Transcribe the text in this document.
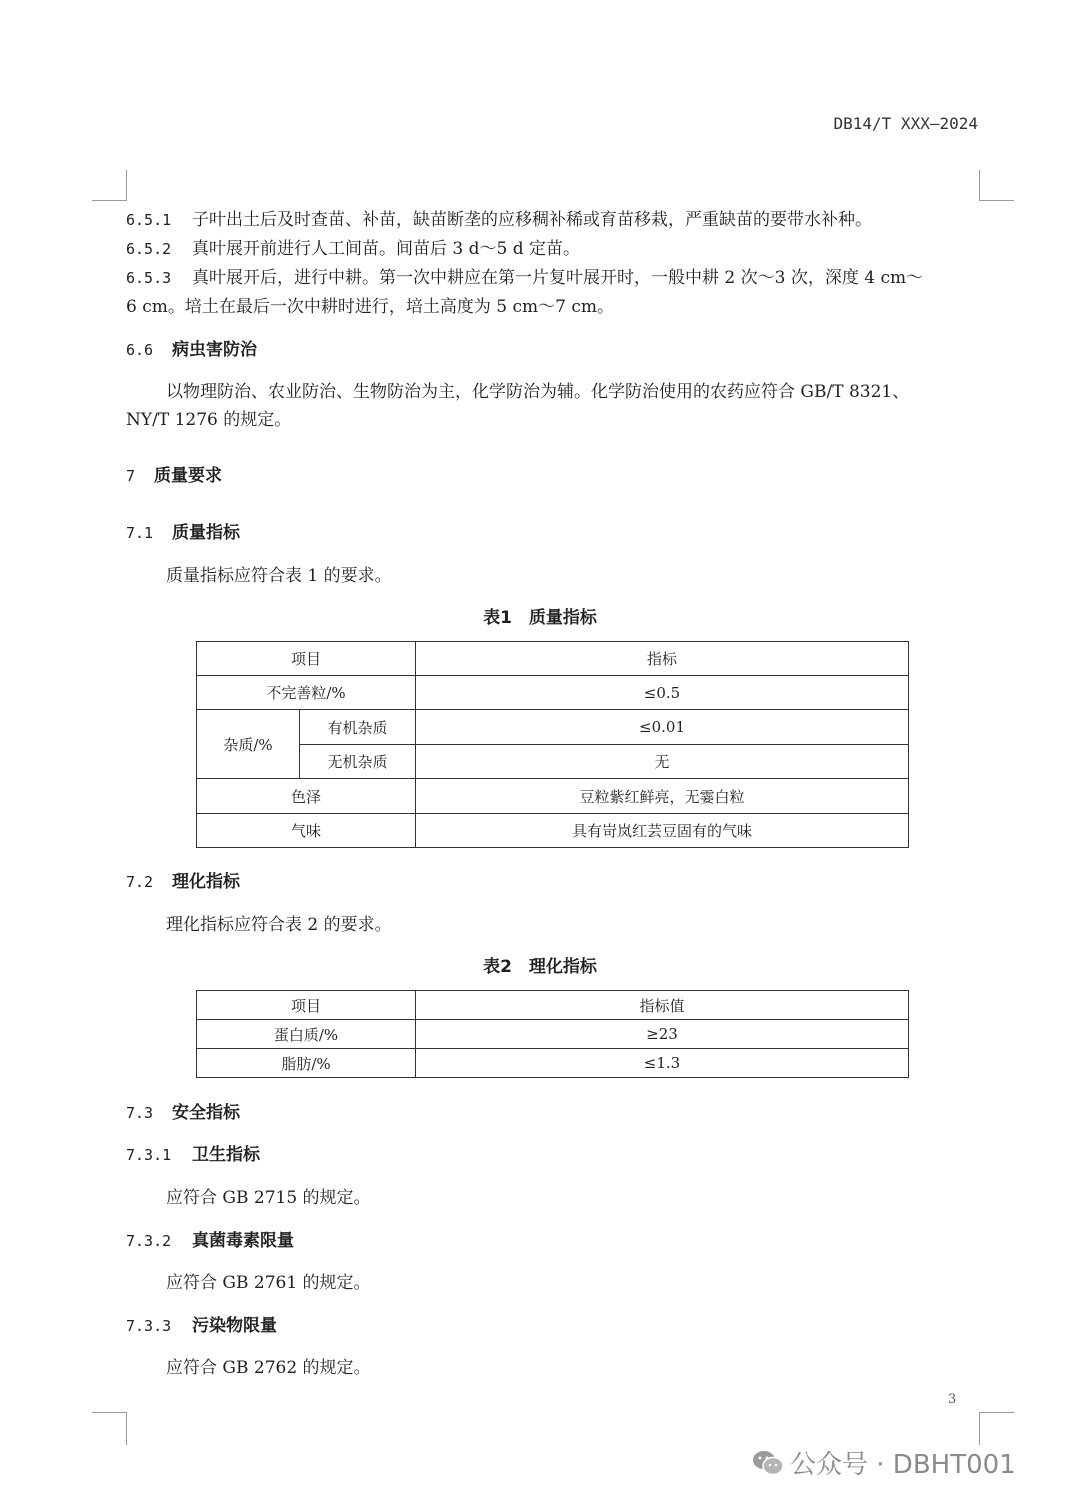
DB14/T XXX—2024
6.5.1 子叶出土后及时查苗、补苗，缺苗断垄的应移稠补稀或育苗移栽，严重缺苗的要带水补种。
6.5.2 真叶展开前进行人工间苗。间苗后 3 d～5 d 定苗。
6.5.3 真叶展开后，进行中耕。第一次中耕应在第一片复叶展开时，一般中耕 2 次～3 次，深度 4 cm～
6 cm。培土在最后一次中耕时进行，培土高度为 5 cm～7 cm。
6.6 病虫害防治
以物理防治、农业防治、生物防治为主，化学防治为辅。化学防治使用的农药应符合 GB/T 8321、
NY/T 1276 的规定。
7 质量要求
7.1 质量指标
质量指标应符合表 1 的要求。
表1　质量指标
项目		指标
不完善粒/%		≤0.5
杂质/%	有机杂质	≤0.01
	无机杂质	无
色泽		豆粒紫红鲜亮，无霎白粒
气味		具有岢岚红芸豆固有的气味
7.2 理化指标
理化指标应符合表 2 的要求。
表2　理化指标
项目	指标值
蛋白质/%	≥23
脂肪/%	≤1.3
7.3 安全指标
7.3.1 卫生指标
应符合 GB 2715 的规定。
7.3.2 真菌毒素限量
应符合 GB 2761 的规定。
7.3.3 污染物限量
应符合 GB 2762 的规定。
3
公众号 · DBHT001
